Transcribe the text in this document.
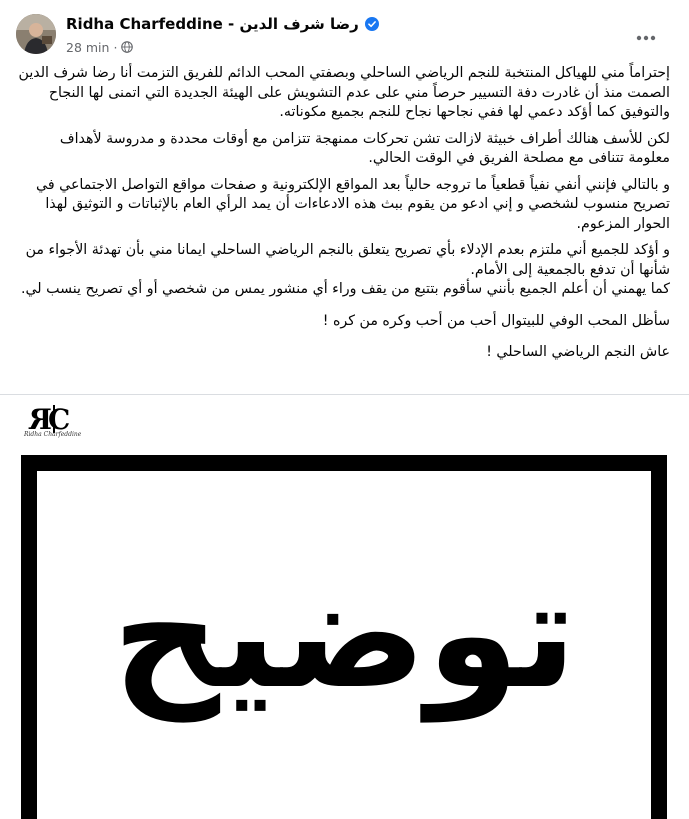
Ridha Charfeddine - رضا شرف الدين
28 min ·

إحتراماً مني للهياكل المنتخبة للنجم الرياضي الساحلي وبصفتي المحب الدائم للفريق التزمت أنا رضا شرف الدين الصمت منذ أن غادرت دفة التسيير حرصاً مني على عدم التشويش على الهيئة الجديدة التي اتمنى لها النجاح والتوفيق كما أؤكد دعمي لها ففي نجاحها نجاح للنجم بجميع مكوناته.

لكن للأسف هنالك أطراف خبيثة لازالت تشن تحركات ممنهجة تتزامن مع أوقات محددة و مدروسة لأهداف معلومة تتنافى مع مصلحة الفريق في الوقت الحالي.

و بالتالي فإنني أنفي نفياً قطعياً ما تروجه حالياً بعد المواقع الإلكترونية و صفحات مواقع التواصل الاجتماعي في تصريح منسوب لشخصي و إني ادعو من يقوم ببث هذه الادعاءات أن يمد الرأي العام بالإثباتات و التوثيق لهذا الحوار المزعوم.

و أؤكد للجميع أني ملتزم بعدم الإدلاء بأي تصريح يتعلق بالنجم الرياضي الساحلي ايمانا مني بأن تهدئة الأجواء من شأنها أن تدفع بالجمعية إلى الأمام.

كما يهمني أن أعلم الجميع بأنني سأقوم بتتبع من يقف وراء أي منشور يمس من شخصي أو أي تصريح ينسب لي.

سأظل المحب الوفي للبيتوال أحب من أحب وكره من كره !

عاش النجم الرياضي الساحلي !

R
C
Ridha Charfeddine
توضيح
